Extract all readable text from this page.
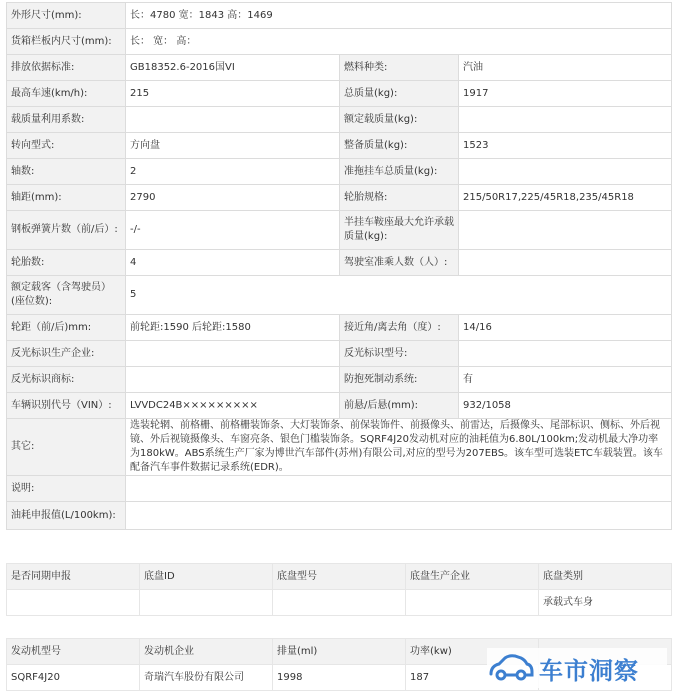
外形尺寸(mm):	长：4780 宽：1843 高：1469		
货箱栏板内尺寸(mm):	长： 宽： 高：		
排放依据标准:	GB18352.6-2016国VI	燃料种类:	汽油
最高车速(km/h):	215	总质量(kg):	1917
载质量利用系数:		额定载质量(kg):	
转向型式:	方向盘	整备质量(kg):	1523
轴数:	2	准拖挂车总质量(kg):	
轴距(mm):	2790	轮胎规格:	215/50R17,225/45R18,235/45R18
钢板弹簧片数（前/后）:	-/-	半挂车鞍座最大允许承载质量(kg):	
轮胎数:	4	驾驶室准乘人数（人）:	
额定载客（含驾驶员）(座位数):	5		
轮距（前/后)mm:	前轮距:1590 后轮距:1580	接近角/离去角（度）:	14/16
反光标识生产企业:		反光标识型号:	
反光标识商标:		防抱死制动系统:	有
车辆识别代号（VIN）:	LVVDC24B×××××××××	前悬/后悬(mm):	932/1058
其它:	选装轮辋、前格栅、前格栅装饰条、大灯装饰条、前保装饰件、前摄像头、前雷达，后摄像头、尾部标识、侧标、外后视镜、外后视镜摄像头、车窗亮条、银色门槛装饰条。SQRF4J20发动机对应的油耗值为6.80L/100km;发动机最大净功率为180kW。ABS系统生产厂家为博世汽车部件(苏州)有限公司,对应的型号为207EBS。该车型可选装ETC车载装置。该车配备汽车事件数据记录系统(EDR)。		
说明:			
油耗申报值(L/100km):			
是否同期申报	底盘ID	底盘型号	底盘生产企业	底盘类别
				承载式车身
发动机型号	发动机企业	排量(ml)	功率(kw)	
SQRF4J20	奇瑞汽车股份有限公司	1998	187		车市洞察
